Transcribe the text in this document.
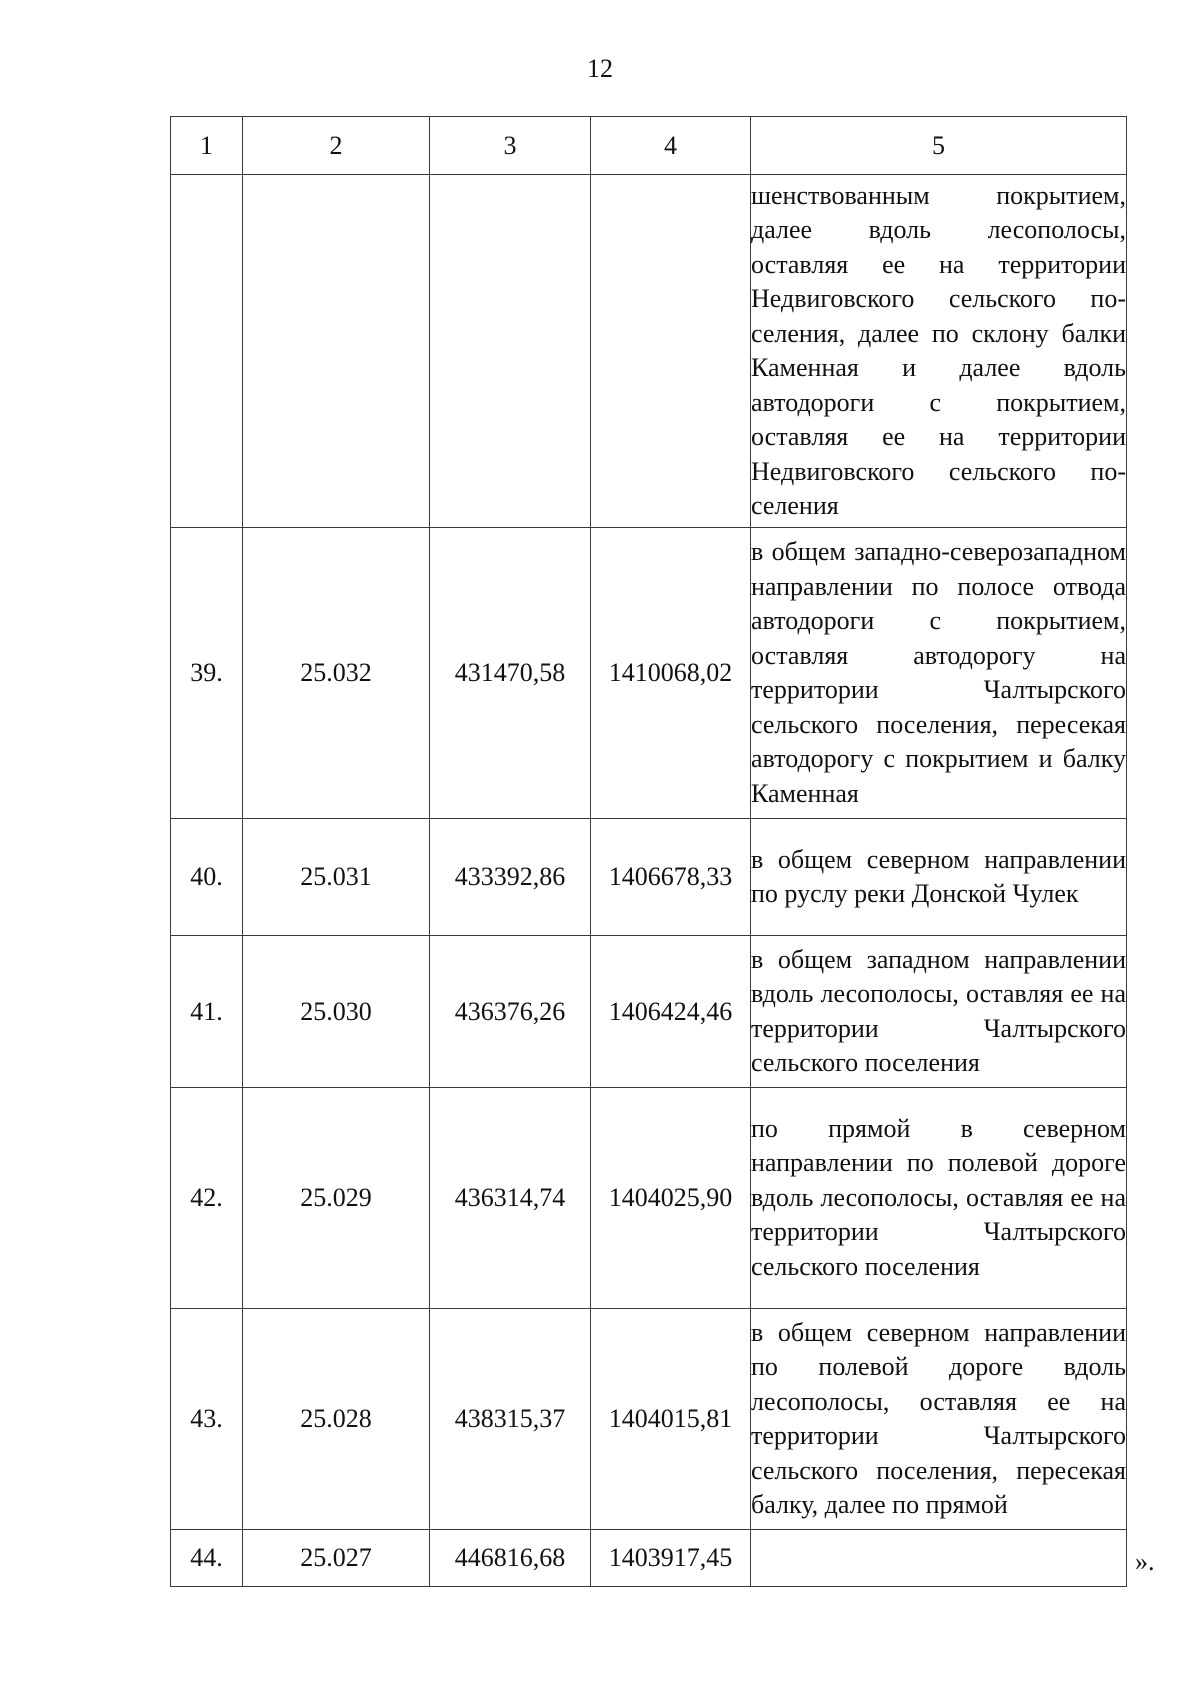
12
1	2	3	4	5
				шенствованным покрытием, далее вдоль лесополосы, оставляя ее на территории Недвиговского сельского поселения, далее по склону балки Каменная и далее вдоль автодороги с покрытием, оставляя ее на территории Недвиговского сельского поселения
39.	25.032	431470,58	1410068,02	в общем западно-северозападном направлении по полосе отвода автодороги с покрытием, оставляя автодорогу на территории Чалтырского сельского поселения, пересекая автодорогу с покрытием и балку Каменная
40.	25.031	433392,86	1406678,33	в общем северном направлении по руслу реки Донской Чулек
41.	25.030	436376,26	1406424,46	в общем западном направлении вдоль лесополосы, оставляя ее на территории Чалтырского сельского поселения
42.	25.029	436314,74	1404025,90	по прямой в северном направлении по полевой дороге вдоль лесополосы, оставляя ее на территории Чалтырского сельского поселения
43.	25.028	438315,37	1404015,81	в общем северном направлении по полевой дороге вдоль лесополосы, оставляя ее на территории Чалтырского сельского поселения, пересекая балку, далее по прямой
44.	25.027	446816,68	1403917,45		».
